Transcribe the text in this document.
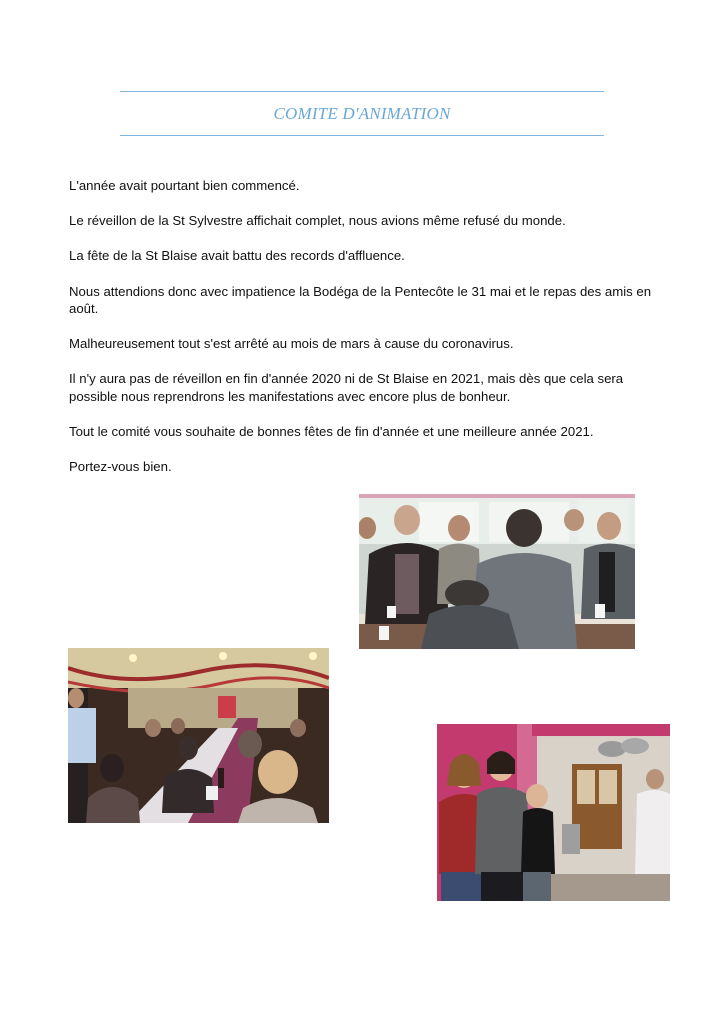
COMITE D'ANIMATION

L'année avait pourtant bien commencé.

Le réveillon de la St Sylvestre affichait complet, nous avions même refusé du monde.

La fête de la St Blaise avait battu des records d'affluence.

Nous attendions donc avec impatience la Bodéga de la Pentecôte le 31 mai et le repas des amis en août.

Malheureusement tout s'est arrêté au mois de mars à cause du coronavirus.

Il n'y aura pas de réveillon en fin d'année 2020 ni de St Blaise en 2021, mais dès que cela sera possible nous reprendrons les manifestations avec encore plus de bonheur.

Tout le comité vous souhaite de bonnes fêtes de fin d'année et une meilleure année 2021.

Portez-vous bien.
